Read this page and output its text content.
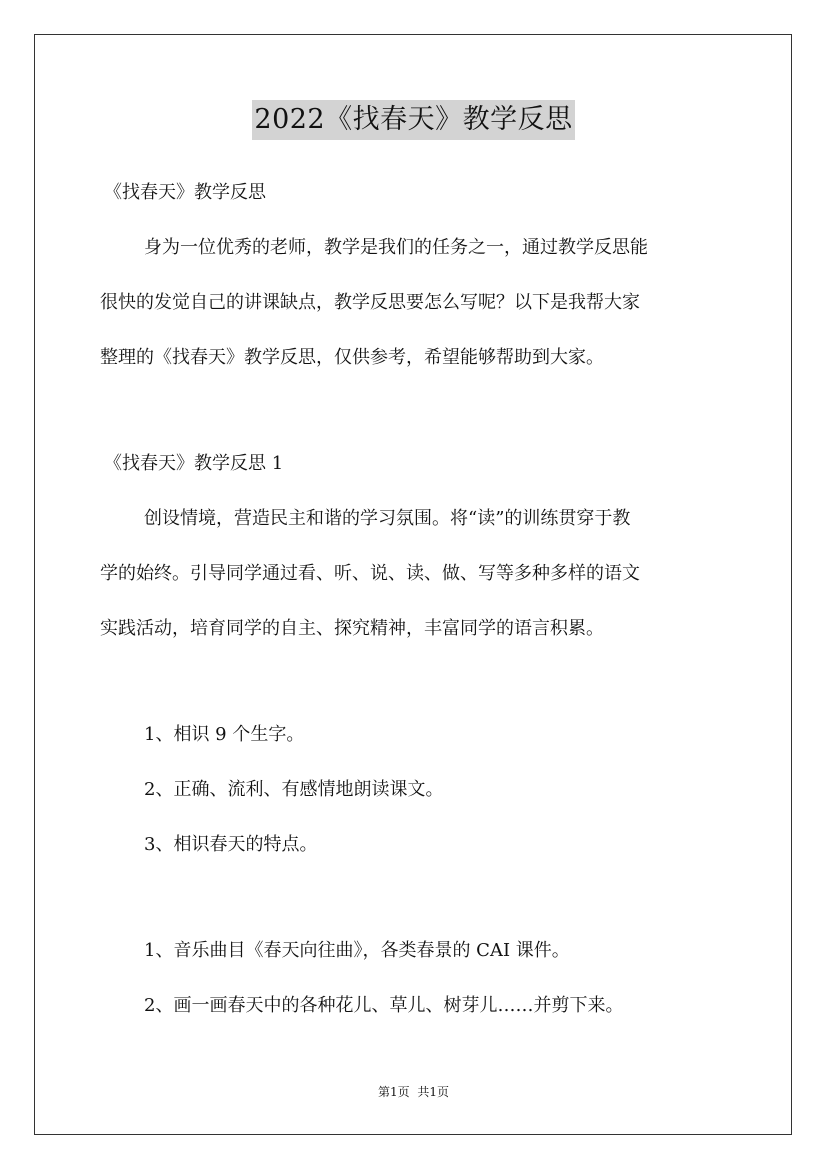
2022《找春天》教学反思
《找春天》教学反思
身为一位优秀的老师，教学是我们的任务之一，通过教学反思能
很快的发觉自己的讲课缺点，教学反思要怎么写呢？以下是我帮大家
整理的《找春天》教学反思，仅供参考，希望能够帮助到大家。
《找春天》教学反思 1
创设情境，营造民主和谐的学习氛围。将“读”的训练贯穿于教
学的始终。引导同学通过看、听、说、读、做、写等多种多样的语文
实践活动，培育同学的自主、探究精神，丰富同学的语言积累。
1、相识 9 个生字。
2、正确、流利、有感情地朗读课文。
3、相识春天的特点。
1、音乐曲目《春天向往曲》，各类春景的 CAI 课件。
2、画一画春天中的各种花儿、草儿、树芽儿……并剪下来。
第1页 共1页
